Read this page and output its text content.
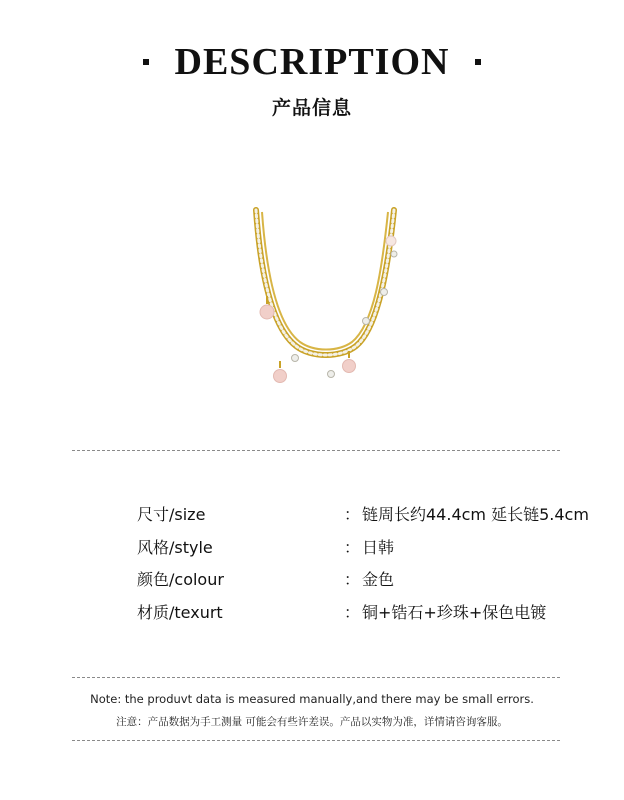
DESCRIPTION
产品信息
尺寸/size	： 链周长约44.4cm 延长链5.4cm
风格/style	： 日韩
颜色/colour	： 金色
材质/texurt	： 铜+锆石+珍珠+保色电镀
Note: the produvt data is measured manually,and there may be small errors.
注意：产品数据为手工测量 可能会有些许差误。产品以实物为准，详情请咨询客服。
